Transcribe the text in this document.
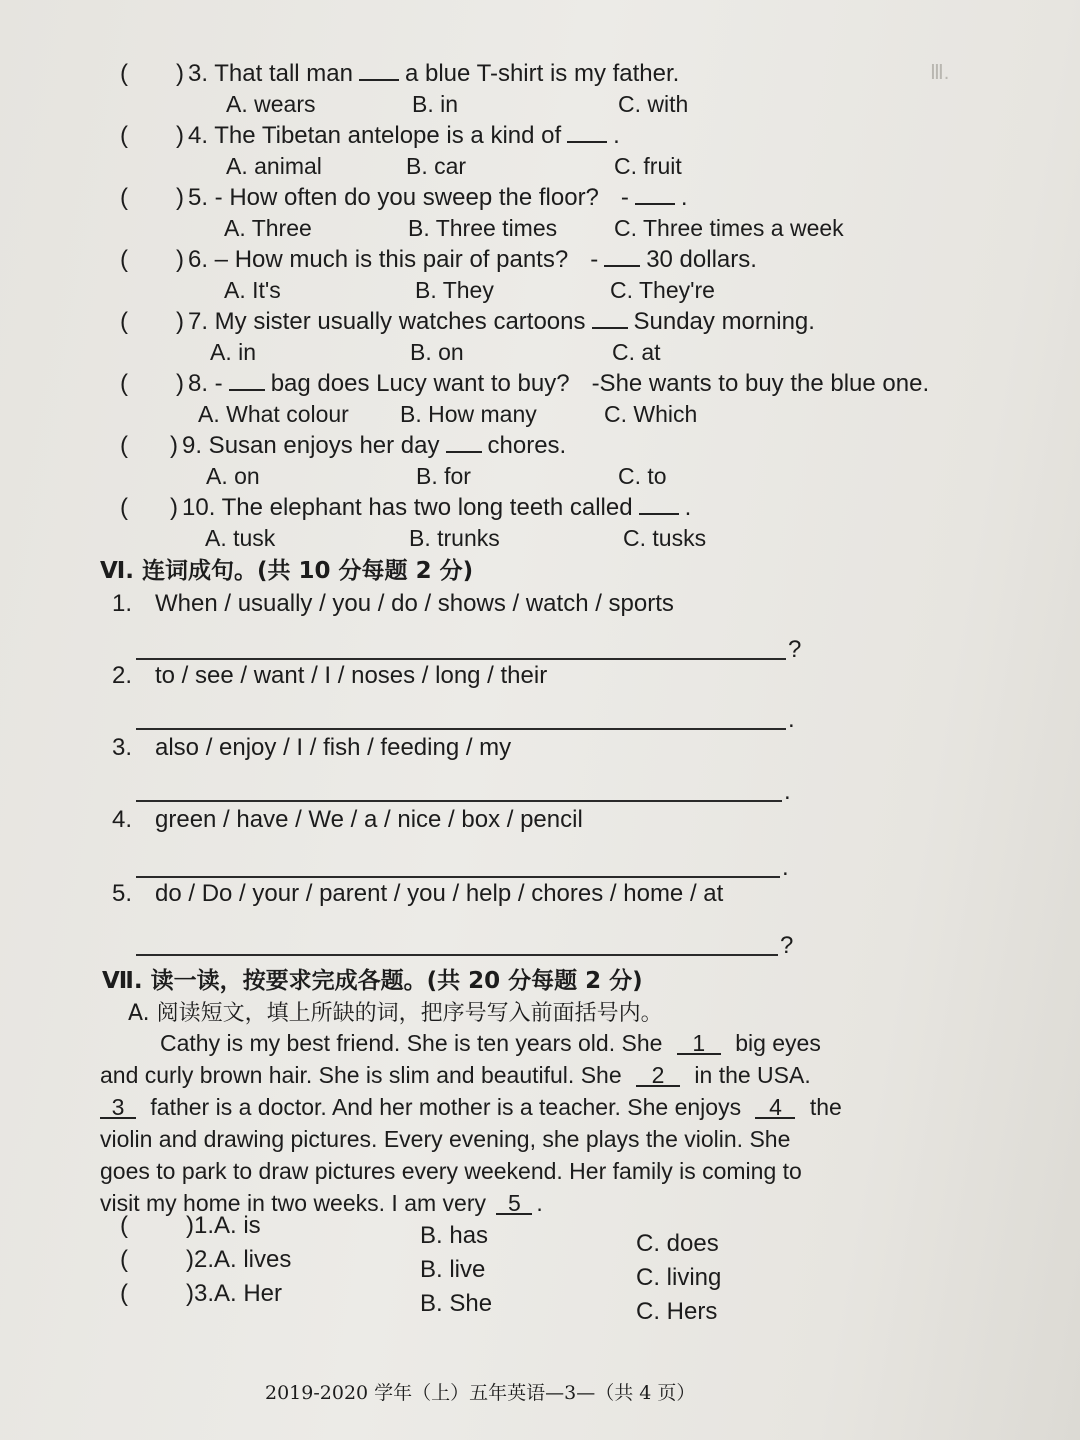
Ⅲ.
( ) 3. That tall man a blue T-shirt is my father.
A. wears	B. in	C. with
( ) 4. The Tibetan antelope is a kind of .
A. animal	B. car	C. fruit
( ) 5. - How often do you sweep the floor? - .
A. Three	B. Three times C. Three times a week
( ) 6. – How much is this pair of pants? - 30 dollars.
A. It's	B. They	C. They're
( ) 7. My sister usually watches cartoons Sunday morning.
A. in	B. on	C. at
( ) 8. - bag does Lucy want to buy? -She wants to buy the blue one.
A. What colour B. How many	C. Which
( ) 9. Susan enjoys her day chores.
A. on	B. for	C. to
( ) 10. The elephant has two long teeth called .
A. tusk	B. trunks	C. tusks
Ⅵ. 连词成句。(共 10 分每题 2 分)
1. When / usually / you / do / shows / watch / sports
?
2. to / see / want / I / noses / long / their
.
3. also / enjoy / I / fish / feeding / my
.
4. green / have / We / a / nice / box / pencil
.
5. do / Do / your / parent / you / help / chores / home / at
?
Ⅶ. 读一读，按要求完成各题。(共 20 分每题 2 分)
A. 阅读短文，填上所缺的词，把序号写入前面括号内。
Cathy is my best friend. She is ten years old. She 1 big eyes
and curly brown hair. She is slim and beautiful. She 2 in the USA.
3 father is a doctor. And her mother is a teacher. She enjoys 4 the
violin and drawing pictures. Every evening, she plays the violin. She
goes to park to draw pictures every weekend. Her family is coming to
visit my home in two weeks. I am very 5 .
( )1.A. is	B. has	C. does
( )2.A. lives	B. live	C. living
( )3.A. Her	B. She	C. Hers
2019-2020 学年（上）五年英语—3—（共 4 页）
